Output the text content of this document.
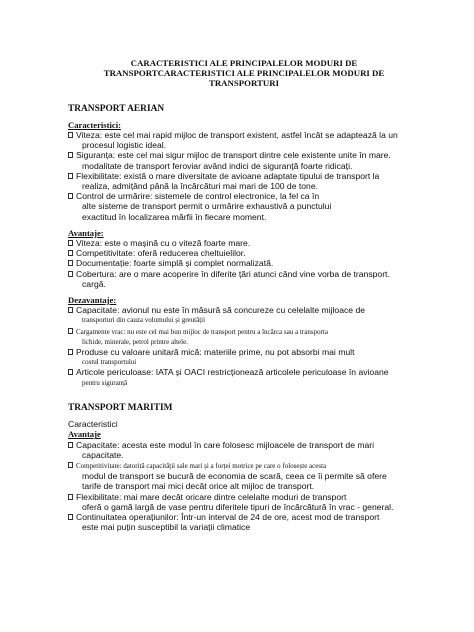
CARACTERISTICI ALE PRINCIPALELOR MODURI DE TRANSPORTCARACTERISTICI ALE PRINCIPALELOR MODURI DE TRANSPORTURI
TRANSPORT AERIAN
Caracteristici:
Viteza: este cel mai rapid mijloc de transport existent, astfel încât se adaptează la un
procesul logistic ideal.
Siguranța: este cel mai sigur mijloc de transport dintre cele existente unite în mare.
modalitate de transport feroviar având indici de siguranță foarte ridicați.
Flexibilitate: există o mare diversitate de avioane adaptate tipului de transport la
realiza, admițând până la încărcături mai mari de 100 de tone.
Control de urmărire: sistemele de control electronice, la fel ca în
alte sisteme de transport permit o urmărire exhaustivă a punctului
exactitud în localizarea mărfii în fiecare moment.
Avantaje:
Viteza: este o mașină cu o viteză foarte mare.
Competitivitate: oferă reducerea cheltuielilor.
Documentație: foarte simplă și complet normalizată.
Cobertura: are o mare acoperire în diferite țări atunci când vine vorba de transport.
cargă.
Dezavantaje:
Capacitate: avionul nu este în măsură să concureze cu celelalte mijloace de
transporturi din cauza volumului și greutății
Cargamente vrac: nu este cel mai bun mijloc de transport pentru a încărca sau a transporta
lichide, minerale, petrol printre altele.
Produse cu valoare unitară mică: materiile prime, nu pot absorbi mai mult
costul transportului
Articole periculoase: IATA și OACI restricționează articolele periculoase în avioane
pentru siguranță
TRANSPORT MARITIM
Caracteristici
Avantaje
Capacitate: acesta este modul în care folosesc mijloacele de transport de mari
capacitate.
Competitivitate: datorită capacității sale mari și a forței motrice pe care o folosește acesta
modul de transport se bucură de economia de scară, ceea ce îi permite să ofere
tarife de transport mai mici decât orice alt mijloc de transport.
Flexibilitate: mai mare decât oricare dintre celelalte moduri de transport
oferă o gamă largă de vase pentru diferitele tipuri de încărcătură în vrac - general.
Continuitatea operațiunilor: Într-un interval de 24 de ore, acest mod de transport
este mai puțin susceptibil la variații climatice
